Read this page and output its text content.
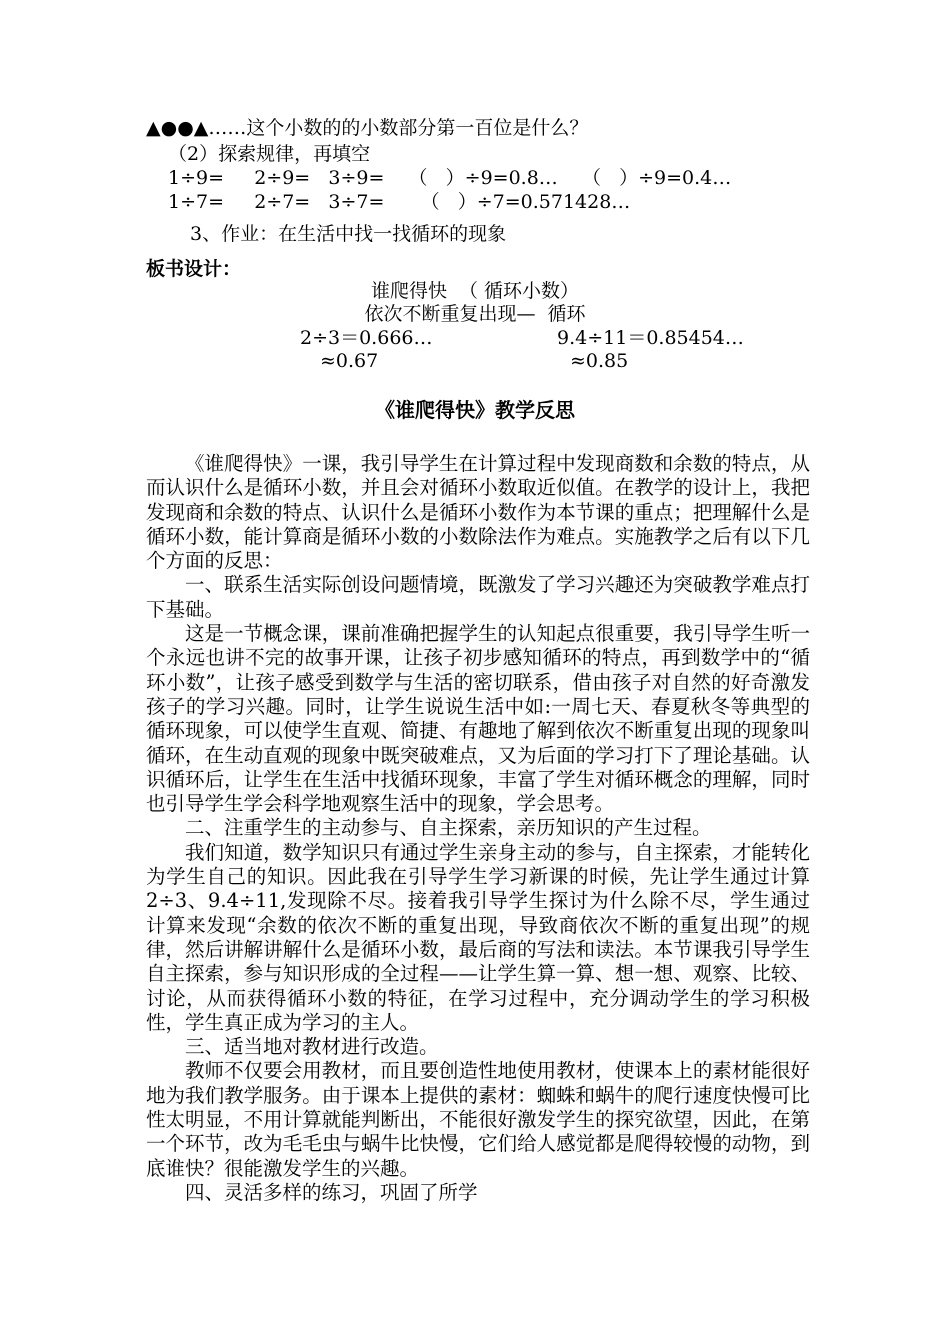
▲●●▲……这个小数的的小数部分第一百位是什么？
（2）探索规律，再填空
1÷9=     2÷9=   3÷9=    （   ）÷9=0.8…    （   ）÷9=0.4…
1÷7=     2÷7=   3÷7=      （   ）÷7=0.571428…
3、作业：在生活中找一找循环的现象
板书设计：
谁爬得快  （ 循环小数）
依次不断重复出现—  循环
2÷3＝0.666…	9.4÷11＝0.85454…
≈0.67	≈0.85
《谁爬得快》教学反思
《谁爬得快》一课，我引导学生在计算过程中发现商数和余数的特点，从而认识什么是循环小数，并且会对循环小数取近似值。在教学的设计上，我把发现商和余数的特点、认识什么是循环小数作为本节课的重点；把理解什么是循环小数，能计算商是循环小数的小数除法作为难点。实施教学之后有以下几个方面的反思：
一、联系生活实际创设问题情境，既激发了学习兴趣还为突破教学难点打下基础。
这是一节概念课，课前准确把握学生的认知起点很重要，我引导学生听一个永远也讲不完的故事开课，让孩子初步感知循环的特点，再到数学中的“循环小数”，让孩子感受到数学与生活的密切联系，借由孩子对自然的好奇激发孩子的学习兴趣。同时，让学生说说生活中如:一周七天、春夏秋冬等典型的循环现象，可以使学生直观、简捷、有趣地了解到依次不断重复出现的现象叫循环，在生动直观的现象中既突破难点，又为后面的学习打下了理论基础。认识循环后，让学生在生活中找循环现象，丰富了学生对循环概念的理解，同时也引导学生学会科学地观察生活中的现象，学会思考。
二、注重学生的主动参与、自主探索，亲历知识的产生过程。
我们知道，数学知识只有通过学生亲身主动的参与，自主探索，才能转化为学生自己的知识。因此我在引导学生学习新课的时候，先让学生通过计算2÷3、9.4÷11,发现除不尽。接着我引导学生探讨为什么除不尽，学生通过计算来发现“余数的依次不断的重复出现，导致商依次不断的重复出现”的规律，然后讲解讲解什么是循环小数，最后商的写法和读法。本节课我引导学生自主探索，参与知识形成的全过程——让学生算一算、想一想、观察、比较、讨论，从而获得循环小数的特征，在学习过程中，充分调动学生的学习积极性，学生真正成为学习的主人。
三、适当地对教材进行改造。
教师不仅要会用教材，而且要创造性地使用教材，使课本上的素材能很好地为我们教学服务。由于课本上提供的素材：蜘蛛和蜗牛的爬行速度快慢可比性太明显，不用计算就能判断出，不能很好激发学生的探究欲望，因此，在第一个环节，改为毛毛虫与蜗牛比快慢，它们给人感觉都是爬得较慢的动物，到底谁快？很能激发学生的兴趣。
四、灵活多样的练习，巩固了所学
